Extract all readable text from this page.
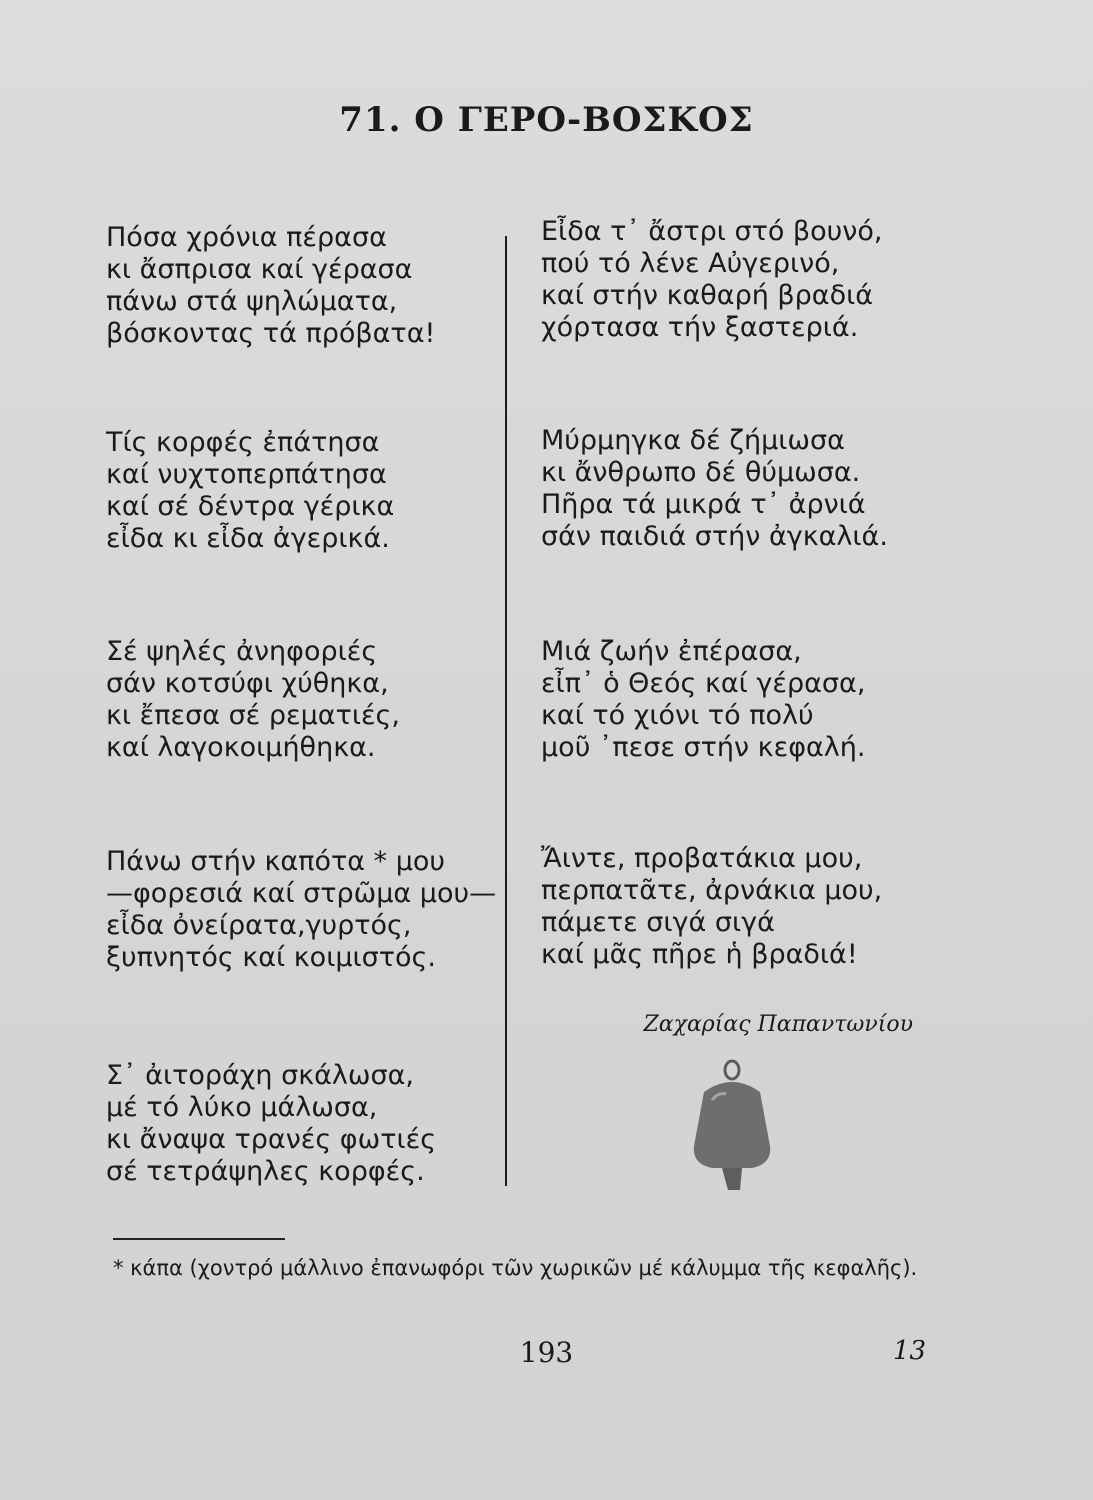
71. Ο ΓΕΡΟ-ΒΟΣΚΟΣ
Πόσα χρόνια πέρασα
κι ἄσπρισα καί γέρασα
πάνω στά ψηλώματα,
βόσκοντας τά πρόβατα!
Τίς κορφές ἐπάτησα
καί νυχτοπερπάτησα
καί σέ δέντρα γέρικα
εἶδα κι εἶδα ἀγερικά.
Σέ ψηλές ἀνηφοριές
σάν κοτσύφι χύθηκα,
κι ἔπεσα σέ ρεματιές,
καί λαγοκοιμήθηκα.
Πάνω στήν καπότα * μου
—φορεσιά καί στρῶμα μου—
εἶδα ὀνείρατα,γυρτός,
ξυπνητός καί κοιμιστός.
Σ᾽ ἀιτοράχη σκάλωσα,
μέ τό λύκο μάλωσα,
κι ἄναψα τρανές φωτιές
σέ τετράψηλες κορφές.
Εἶδα τ᾽ ἄστρι στό βουνό,
πού τό λένε Αὐγερινό,
καί στήν καθαρή βραδιά
χόρτασα τήν ξαστεριά.
Μύρμηγκα δέ ζήμιωσα
κι ἄνθρωπο δέ θύμωσα.
Πῆρα τά μικρά τ᾽ ἀρνιά
σάν παιδιά στήν ἀγκαλιά.
Μιά ζωήν ἐπέρασα,
εἶπ᾽ ὁ Θεός καί γέρασα,
καί τό χιόνι τό πολύ
μοῦ ᾽πεσε στήν κεφαλή.
Ἄιντε, προβατάκια μου,
περπατᾶτε, ἀρνάκια μου,
πάμετε σιγά σιγά
καί μᾶς πῆρε ἡ βραδιά!
Ζαχαρίας Παπαντωνίου
* κάπα (χοντρό μάλλινο ἐπανωφόρι τῶν χωρικῶν μέ κάλυμμα τῆς κεφαλῆς).
193	13
